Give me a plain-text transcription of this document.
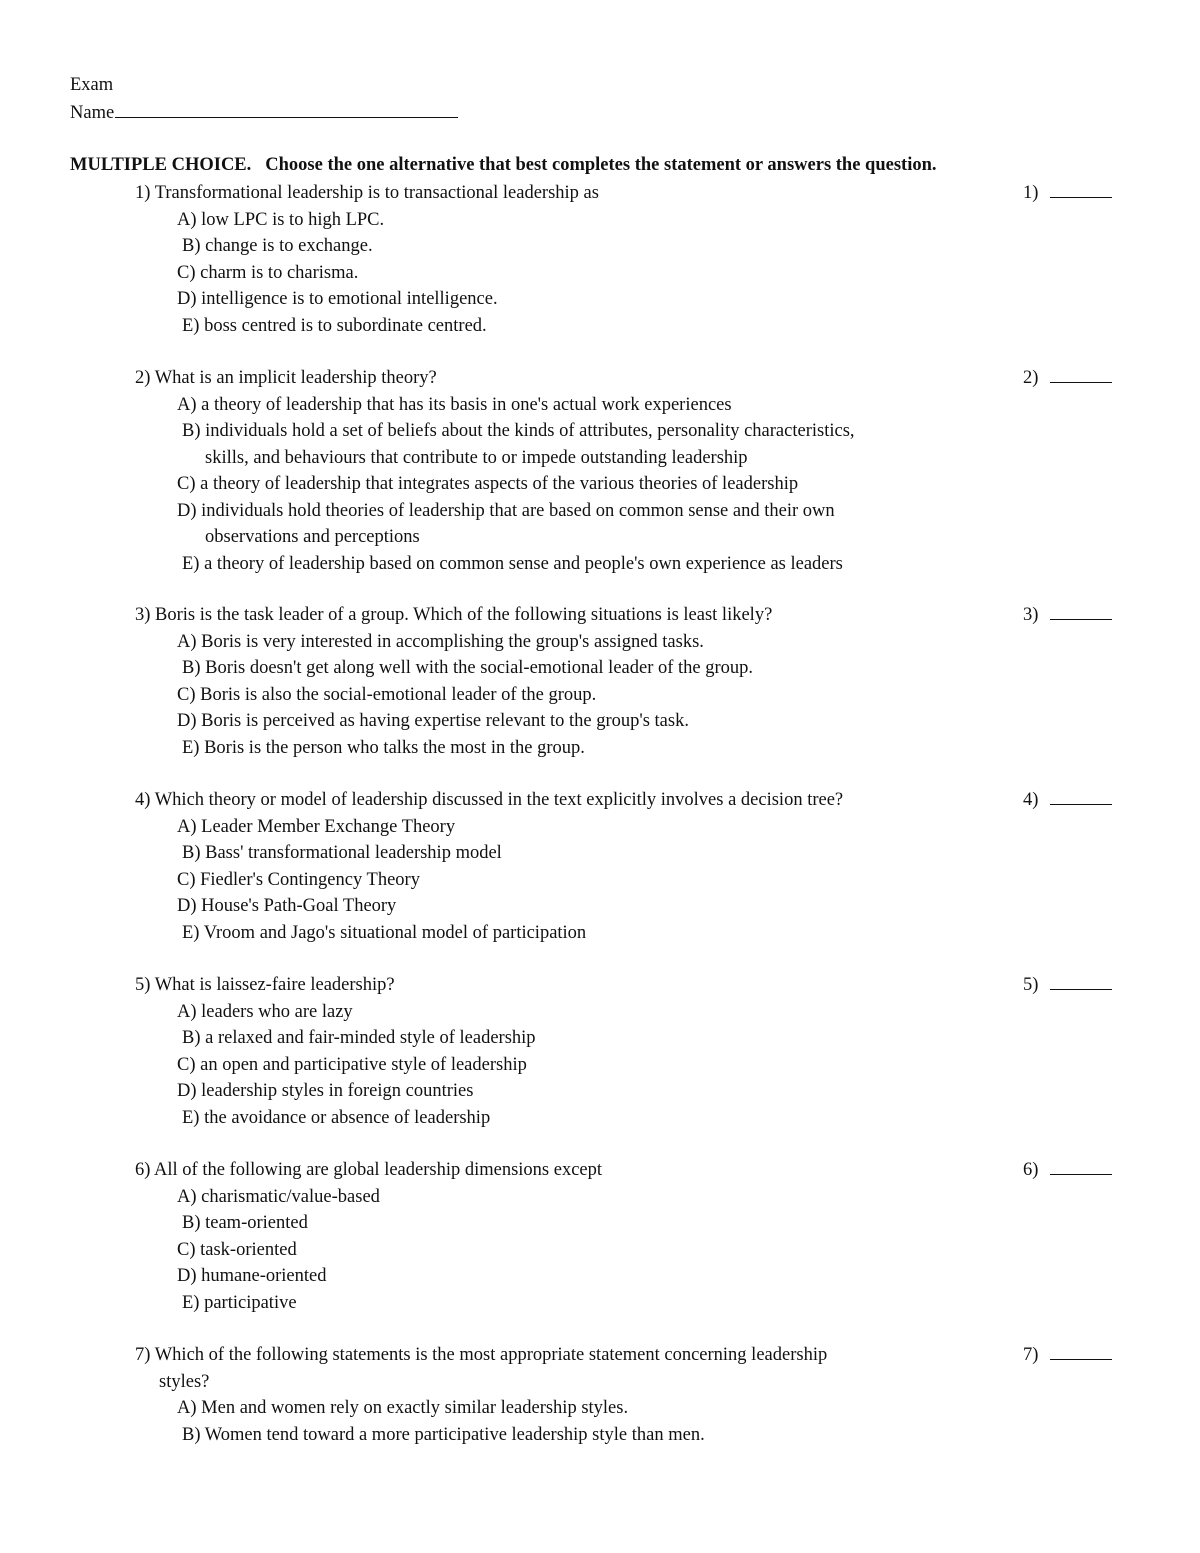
Exam
Name
MULTIPLE CHOICE. Choose the one alternative that best completes the statement or answers the question.
1) Transformational leadership is to transactional leadership as	1)
A) low LPC is to high LPC.
B) change is to exchange.
C) charm is to charisma.
D) intelligence is to emotional intelligence.
E) boss centred is to subordinate centred.
2) What is an implicit leadership theory?	2)
A) a theory of leadership that has its basis in one's actual work experiences
B) individuals hold a set of beliefs about the kinds of attributes, personality characteristics,
skills, and behaviours that contribute to or impede outstanding leadership
C) a theory of leadership that integrates aspects of the various theories of leadership
D) individuals hold theories of leadership that are based on common sense and their own
observations and perceptions
E) a theory of leadership based on common sense and people's own experience as leaders
3) Boris is the task leader of a group. Which of the following situations is least likely?	3)
A) Boris is very interested in accomplishing the group's assigned tasks.
B) Boris doesn't get along well with the social-emotional leader of the group.
C) Boris is also the social-emotional leader of the group.
D) Boris is perceived as having expertise relevant to the group's task.
E) Boris is the person who talks the most in the group.
4) Which theory or model of leadership discussed in the text explicitly involves a decision tree?	4)
A) Leader Member Exchange Theory
B) Bass' transformational leadership model
C) Fiedler's Contingency Theory
D) House's Path-Goal Theory
E) Vroom and Jago's situational model of participation
5) What is laissez-faire leadership?	5)
A) leaders who are lazy
B) a relaxed and fair-minded style of leadership
C) an open and participative style of leadership
D) leadership styles in foreign countries
E) the avoidance or absence of leadership
6) All of the following are global leadership dimensions except	6)
A) charismatic/value-based
B) team-oriented
C) task-oriented
D) humane-oriented
E) participative
7) Which of the following statements is the most appropriate statement concerning leadership	7)
styles?
A) Men and women rely on exactly similar leadership styles.
B) Women tend toward a more participative leadership style than men.
